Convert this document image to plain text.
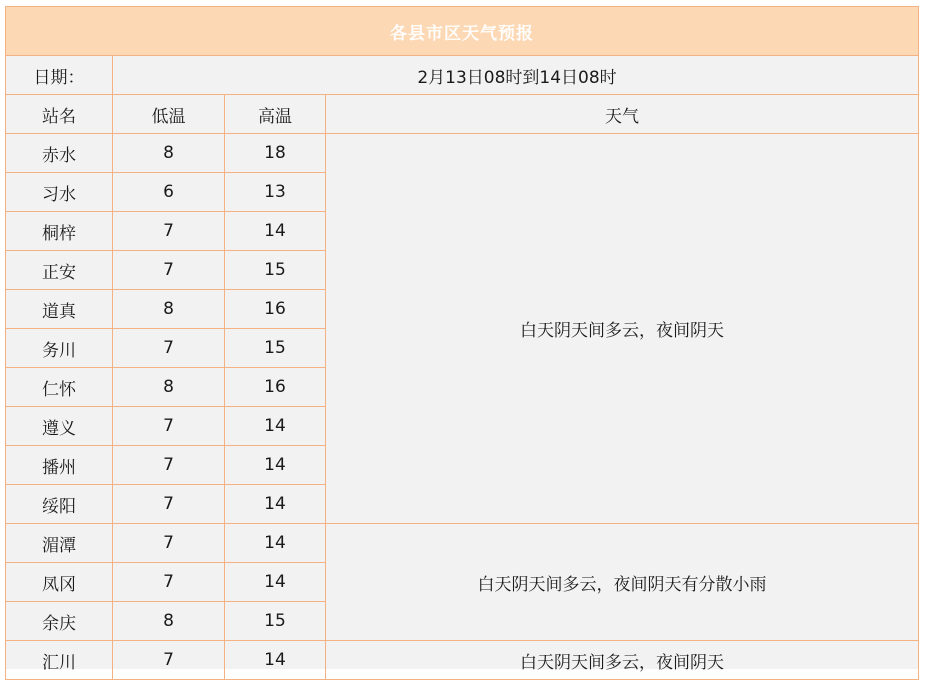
各县市区天气预报			
日期：	2月13日08时到14日08时		
站名	低温	高温	天气
赤水	8	18	白天阴天间多云，夜间阴天
习水	6	13	
桐梓	7	14	
正安	7	15	
道真	8	16	
务川	7	15	
仁怀	8	16	
遵义	7	14	
播州	7	14	
绥阳	7	14	
湄潭	7	14	白天阴天间多云，夜间阴天有分散小雨
凤冈	7	14	
余庆	8	15	
汇川	7	14	白天阴天间多云，夜间阴天
